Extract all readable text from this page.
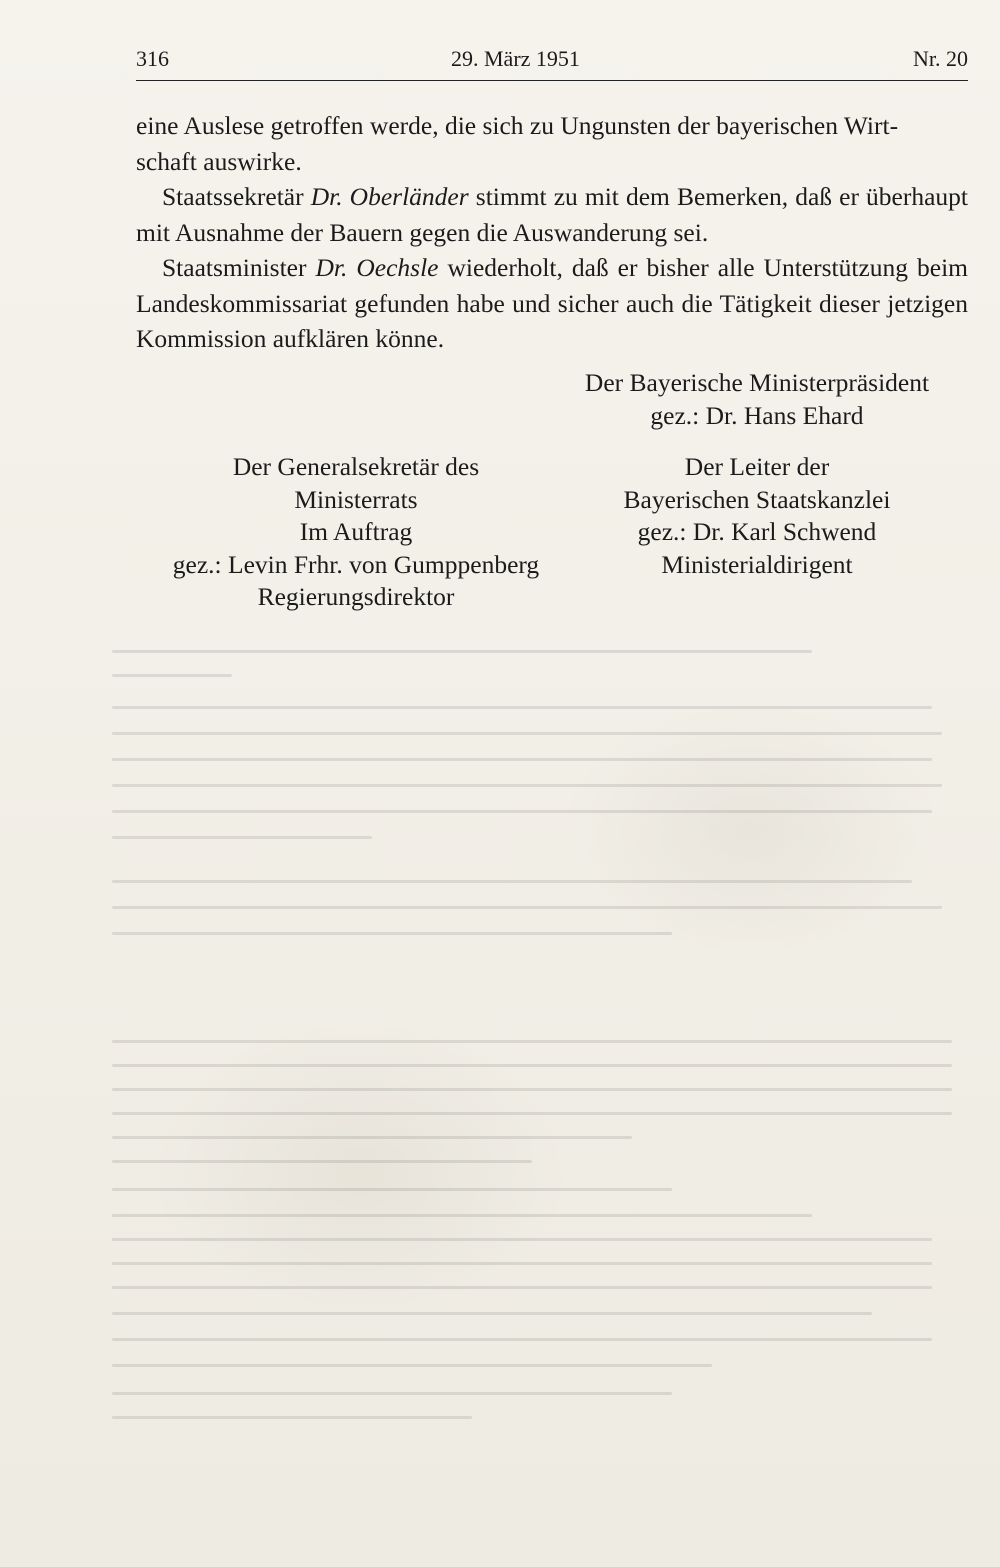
316	29. März 1951	Nr. 20

eine Auslese getroffen werde, die sich zu Ungunsten der bayerischen Wirt-
schaft auswirke.

Staatssekretär Dr. Oberländer stimmt zu mit dem Bemerken, daß er überhaupt mit Ausnahme der Bauern gegen die Auswanderung sei.

Staatsminister Dr. Oechsle wiederholt, daß er bisher alle Unterstützung beim Landeskommissariat gefunden habe und sicher auch die Tätigkeit dieser jetzigen Kommission aufklären könne.

Der Bayerische Ministerpräsident
gez.: Dr. Hans Ehard
Der Generalsekretär des
Ministerrats
Im Auftrag
gez.: Levin Frhr. von Gumppenberg
Regierungsdirektor
Der Leiter der
Bayerischen Staatskanzlei
gez.: Dr. Karl Schwend
Ministerialdirigent
